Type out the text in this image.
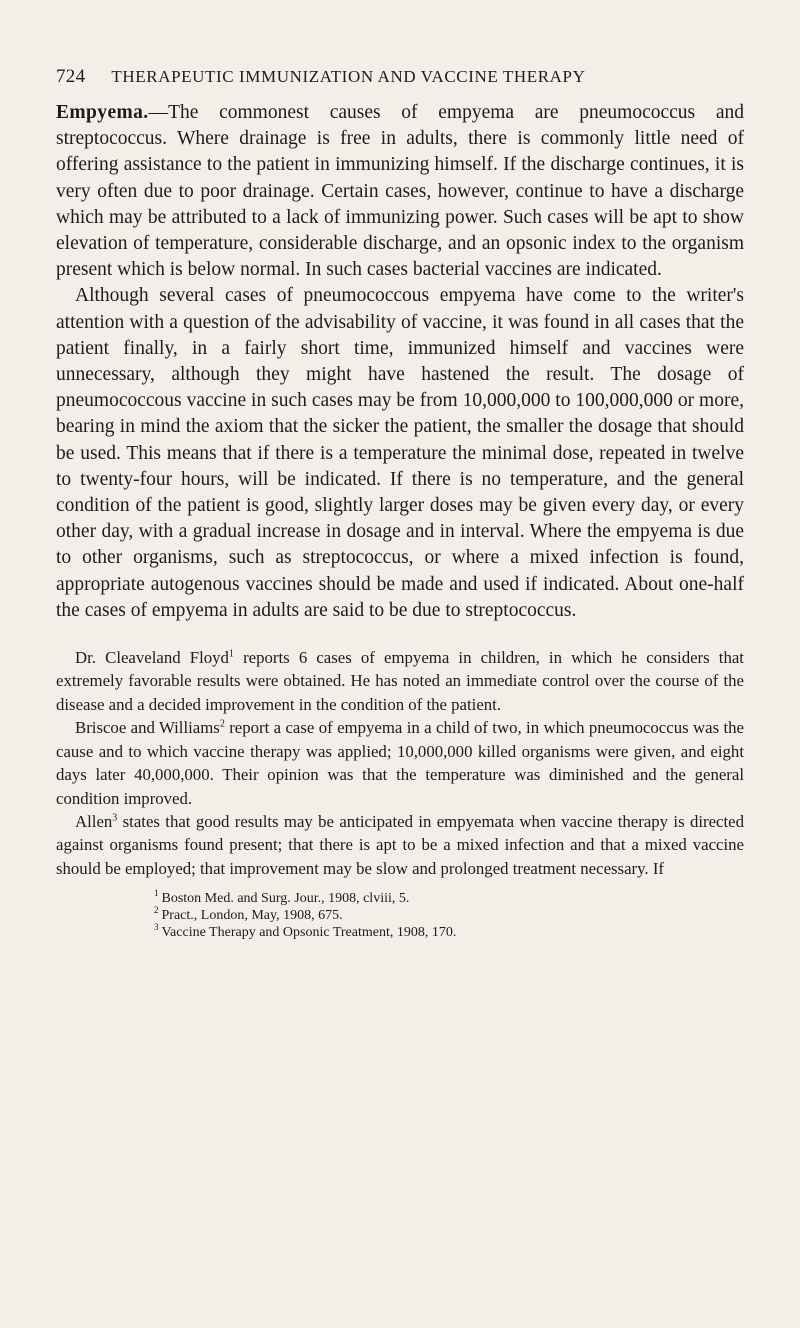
724 THERAPEUTIC IMMUNIZATION AND VACCINE THERAPY

Empyema.—The commonest causes of empyema are pneumococcus and streptococcus. Where drainage is free in adults, there is commonly little need of offering assistance to the patient in immunizing himself. If the discharge continues, it is very often due to poor drainage. Certain cases, however, continue to have a discharge which may be attributed to a lack of immunizing power. Such cases will be apt to show elevation of temperature, considerable discharge, and an opsonic index to the organism present which is below normal. In such cases bacterial vaccines are indicated.

Although several cases of pneumococcous empyema have come to the writer's attention with a question of the advisability of vaccine, it was found in all cases that the patient finally, in a fairly short time, immunized himself and vaccines were unnecessary, although they might have hastened the result. The dosage of pneumococcous vaccine in such cases may be from 10,000,000 to 100,000,000 or more, bearing in mind the axiom that the sicker the patient, the smaller the dosage that should be used. This means that if there is a temperature the minimal dose, repeated in twelve to twenty-four hours, will be indicated. If there is no temperature, and the general condition of the patient is good, slightly larger doses may be given every day, or every other day, with a gradual increase in dosage and in interval. Where the empyema is due to other organisms, such as streptococcus, or where a mixed infection is found, appropriate autogenous vaccines should be made and used if indicated. About one-half the cases of empyema in adults are said to be due to streptococcus.

Dr. Cleaveland Floyd$^1$ reports 6 cases of empyema in children, in which he considers that extremely favorable results were obtained. He has noted an immediate control over the course of the disease and a decided improvement in the condition of the patient.

Briscoe and Williams$^2$ report a case of empyema in a child of two, in which pneumococcus was the cause and to which vaccine therapy was applied; 10,000,000 killed organisms were given, and eight days later 40,000,000. Their opinion was that the temperature was diminished and the general condition improved.

Allen$^3$ states that good results may be anticipated in empyemata when vaccine therapy is directed against organisms found present; that there is apt to be a mixed infection and that a mixed vaccine should be employed; that improvement may be slow and prolonged treatment necessary. If

$^1$ Boston Med. and Surg. Jour., 1908, clviii, 5.
$^2$ Pract., London, May, 1908, 675.
$^3$ Vaccine Therapy and Opsonic Treatment, 1908, 170.
